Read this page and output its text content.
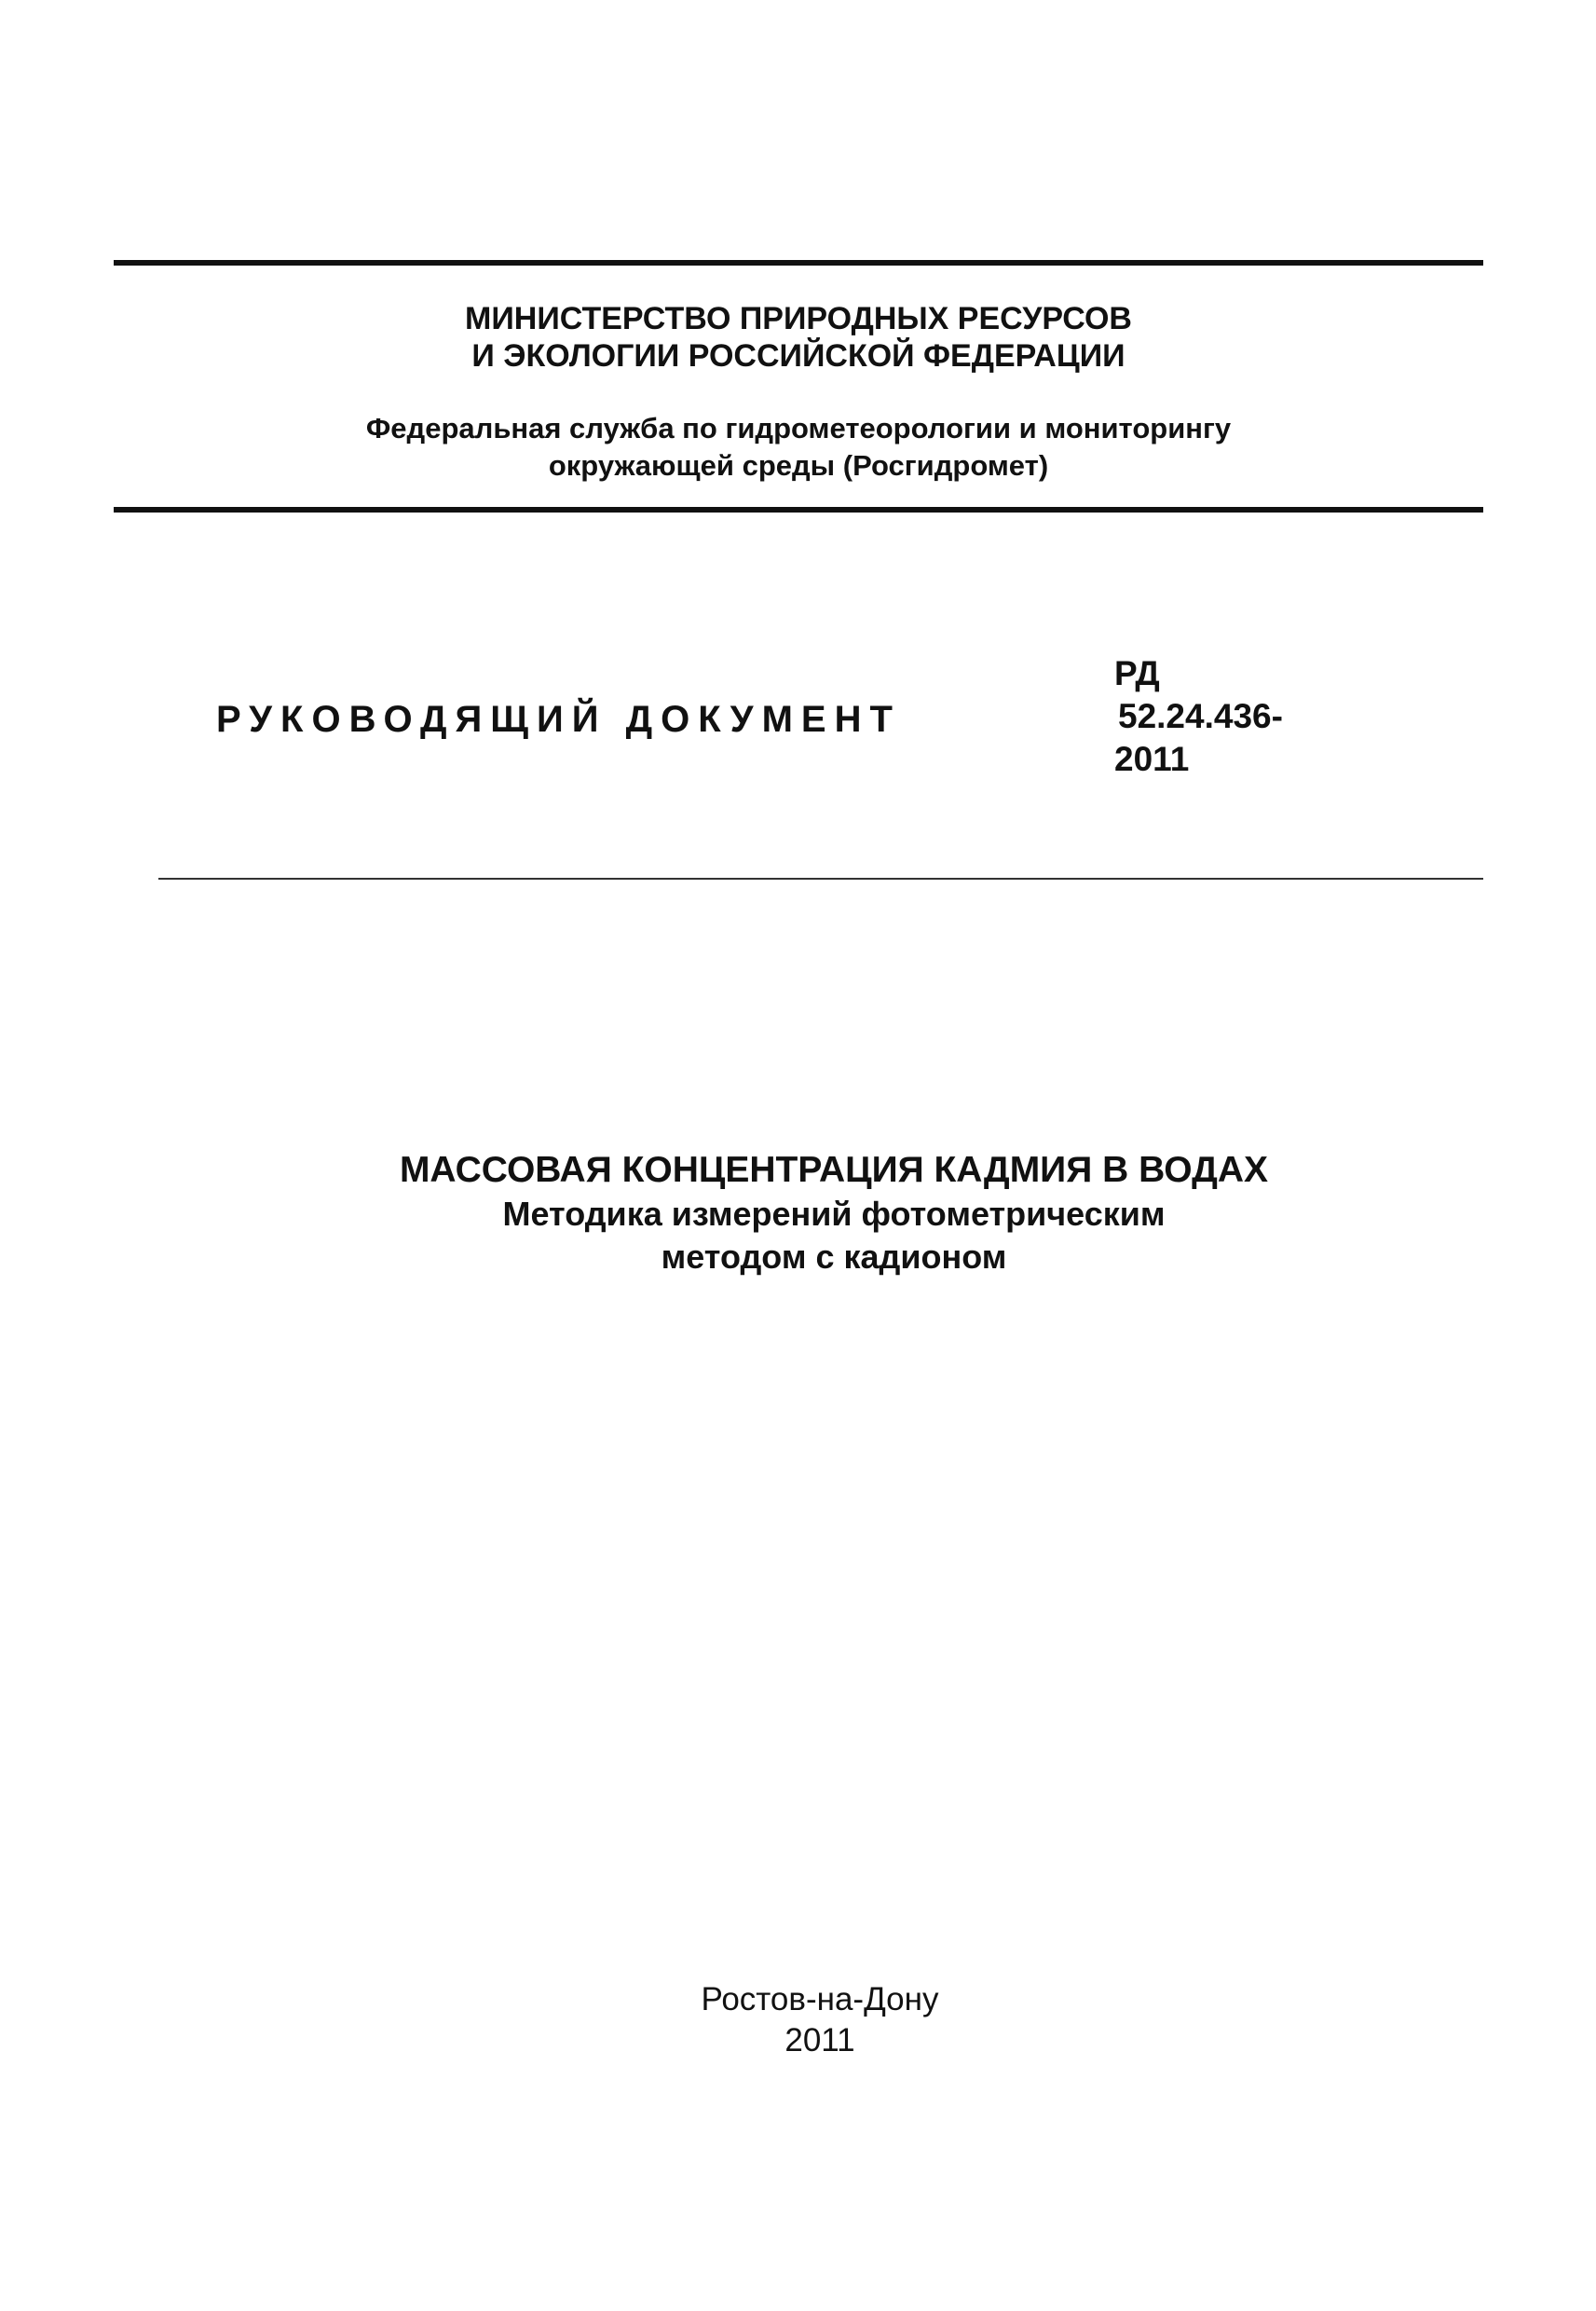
МИНИСТЕРСТВО ПРИРОДНЫХ РЕСУРСОВ
И ЭКОЛОГИИ РОССИЙСКОЙ ФЕДЕРАЦИИ
Федеральная служба по гидрометеорологии и мониторингу
окружающей среды (Росгидромет)
РУКОВОДЯЩИЙ ДОКУМЕНТ
РД
52.24.436-
2011
МАССОВАЯ КОНЦЕНТРАЦИЯ КАДМИЯ В ВОДАХ
Методика измерений фотометрическим
методом с кадионом
Ростов-на-Дону
2011
